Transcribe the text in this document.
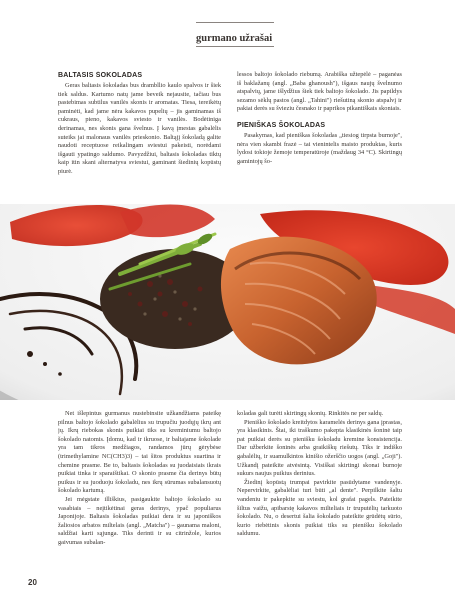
gurmano užrašai
BALTASIS ŠOKOLADAS

Geras baltasis šokoladas bus drambllio kaulo spalvos ir šiek tiek saldus. Kartumo natų jame beveik nejausite, tačiau bus pastebimas subtilus vanilės skonis ir aromatas. Tiesa, tereikėtų paminėti, kad jame nėra kakavos pupelių – jis gaminamas iš cukraus, pieno, kakavos sviesto ir vanilės. Bodėtiniga derinamas, nes skonis gana švelnus. Į kavą įmestas gabalėlis suteiks jai malonaus vanilės prieskonio. Baltąjį šokoladą galite naudoti receptuose reikalingam sviestui pakeisti, norėdami išgauti ypatingo saldumo. Pavyzdžiui, baltasis šokoladas tiktų kaip itin skani alternatyva sviestui, gaminant šiedinių kopūstų piurė.

lessos baltojo šokolado riebumą. Arabiška užtepėlė – paganėas iš baklažanų (angl. „Baba ghanoush"), išgaus naujų švelnumo atspalvių, jame išlydžius šiek tiek baltojo šokolado. Jis papildys sezamo sėklų pastos (angl. „Tahini") riešutiną skonio atspalvį ir pakiai derės su švieziu česnako ir paprikos pikantiškais skoniais.

PIENIŠKAS ŠOKOLADAS

Pasakymas, kad pieniškas šokoladas „tiesiog tirpsta burnoje", nėra vien skambi frazė – tai vienintelis maisto produktas, kuris lydosi tokioje žemoje temperatūroje (maždaug 34 °C). Skirtingų gamintojų šo-

Net išlepintus gurmanus nustebinsite užkandžiams pateikę pilnus baltojo šokolado gabalėlius su trupučiu juodųjų ikrų ant jų. Ikrų riebokas skonis puikiai tiks su kreminiumu baltojo šokolado natomis. Įdomu, kad ir ikruose, ir baltajame šokolade yra tam tikros medžiagos, randamos jūrų gėrybėse (trimethylamine NC(CH3)3) – tai šitos produktus suartina ir chemine prasme. Be to, baltasis šokoladas su juodaisiais ikrais puikiai tinka ir sparaištikai. O skonio prasme čia derinys būtų puikus ir su juoduoju šokoladu, nes ikrų sūrumas subalansuotų šokolado kartumą.

Jei mėgstate illiškius, pasigaukite baltojo šokolado su vasabiais – neįtikėtinai geras derinys, ypač populiarus Japonijoje. Baltasis šokoladas puikiai dera ir su japoniškos žaliosios arbatos miltelais (angl. „Matcha") – gaunama maloni, saldžiai karti sąjunga. Tiks derinti ir su citrinžole, kurios gaivumas subalan-

koladas gali turėti skirtingų skonių. Rinkitės ne per saldų.

Pieniško šokolado kreitdytos karamelės derinys gana įprastas, yra klasikinis. Štai, iki traškumo pakepta klasikinės šoninė taip pat puikiai derės su pienišku šokoladu kremine konsistencija. Dar užberkite šoninės arba graikiškų riešutų. Tiks ir indiško gabalėlių, ir suamulkintos kinišio ožerščio uogos (angl. „Goji"). Užkandį pateikite atvėsintą. Visiškai skirtingi skonai burnoje sukurs naujus puikius derinius.

Žiedinį kopūstą trumpai pavirkite pasūdytame vandenyje. Nepervirkite, gabalėliai turi būti „al dente". Perpilkite šaltu vandeniu ir pakepkite su sviestu, kol grafai pagels. Pateikite šiltus vaižu, apibarstę kakavos milteliais ir truputėlių tarkuoto šokolado. Nu, o desertui šalia šokolado pateikite grūdėtų sūrio, kurio riebėtinis skonis puikiai tiks su pienišku šokolado saldumu.

20
